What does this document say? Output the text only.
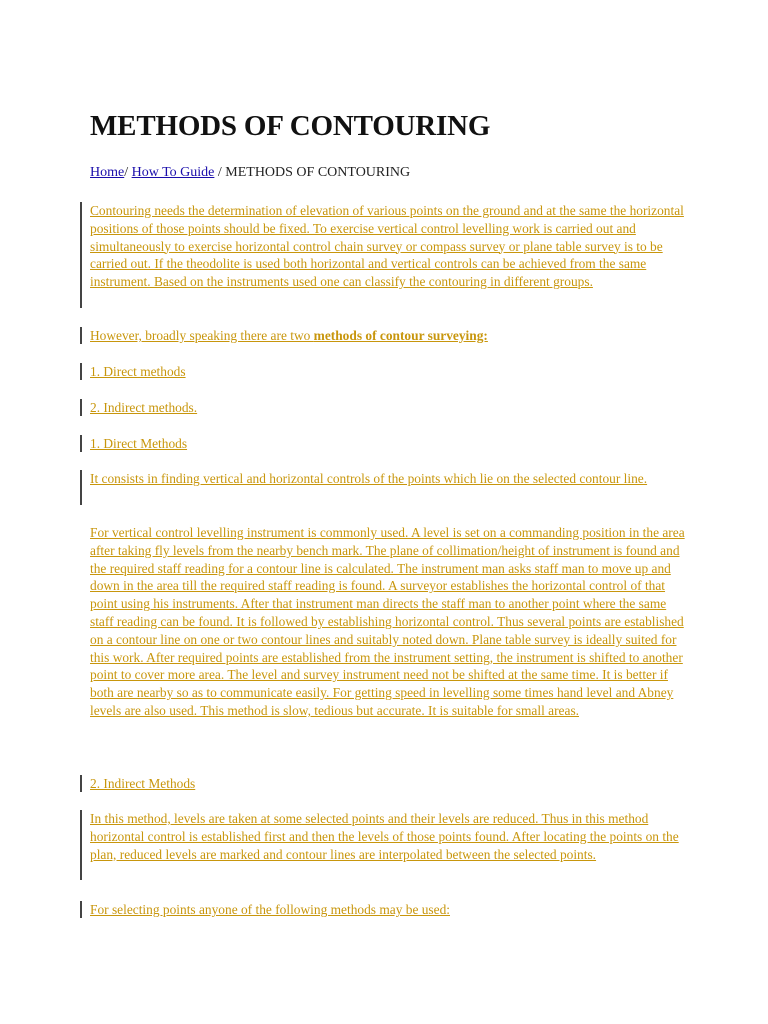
METHODS OF CONTOURING
Home/ How To Guide / METHODS OF CONTOURING
Contouring needs the determination of elevation of various points on the ground and at the same the horizontal positions of those points should be fixed. To exercise vertical control levelling work is carried out and simultaneously to exercise horizontal control chain survey or compass survey or plane table survey is to be carried out. If the theodolite is used both horizontal and vertical controls can be achieved from the same instrument. Based on the instruments used one can classify the contouring in different groups.
However, broadly speaking there are two methods of contour surveying:
1. Direct methods
2. Indirect methods.
1. Direct Methods
It consists in finding vertical and horizontal controls of the points which lie on the selected contour line.
For vertical control levelling instrument is commonly used. A level is set on a commanding position in the area after taking fly levels from the nearby bench mark. The plane of collimation/height of instrument is found and the required staff reading for a contour line is calculated. The instrument man asks staff man to move up and down in the area till the required staff reading is found. A surveyor establishes the horizontal control of that point using his instruments. After that instrument man directs the staff man to another point where the same staff reading can be found. It is followed by establishing horizontal control. Thus several points are established on a contour line on one or two contour lines and suitably noted down. Plane table survey is ideally suited for this work. After required points are established from the instrument setting, the instrument is shifted to another point to cover more area. The level and survey instrument need not be shifted at the same time. It is better if both are nearby so as to communicate easily. For getting speed in levelling some times hand level and Abney levels are also used. This method is slow, tedious but accurate. It is suitable for small areas.
2. Indirect Methods
In this method, levels are taken at some selected points and their levels are reduced. Thus in this method horizontal control is established first and then the levels of those points found. After locating the points on the plan, reduced levels are marked and contour lines are interpolated between the selected points.
For selecting points anyone of the following methods may be used:
